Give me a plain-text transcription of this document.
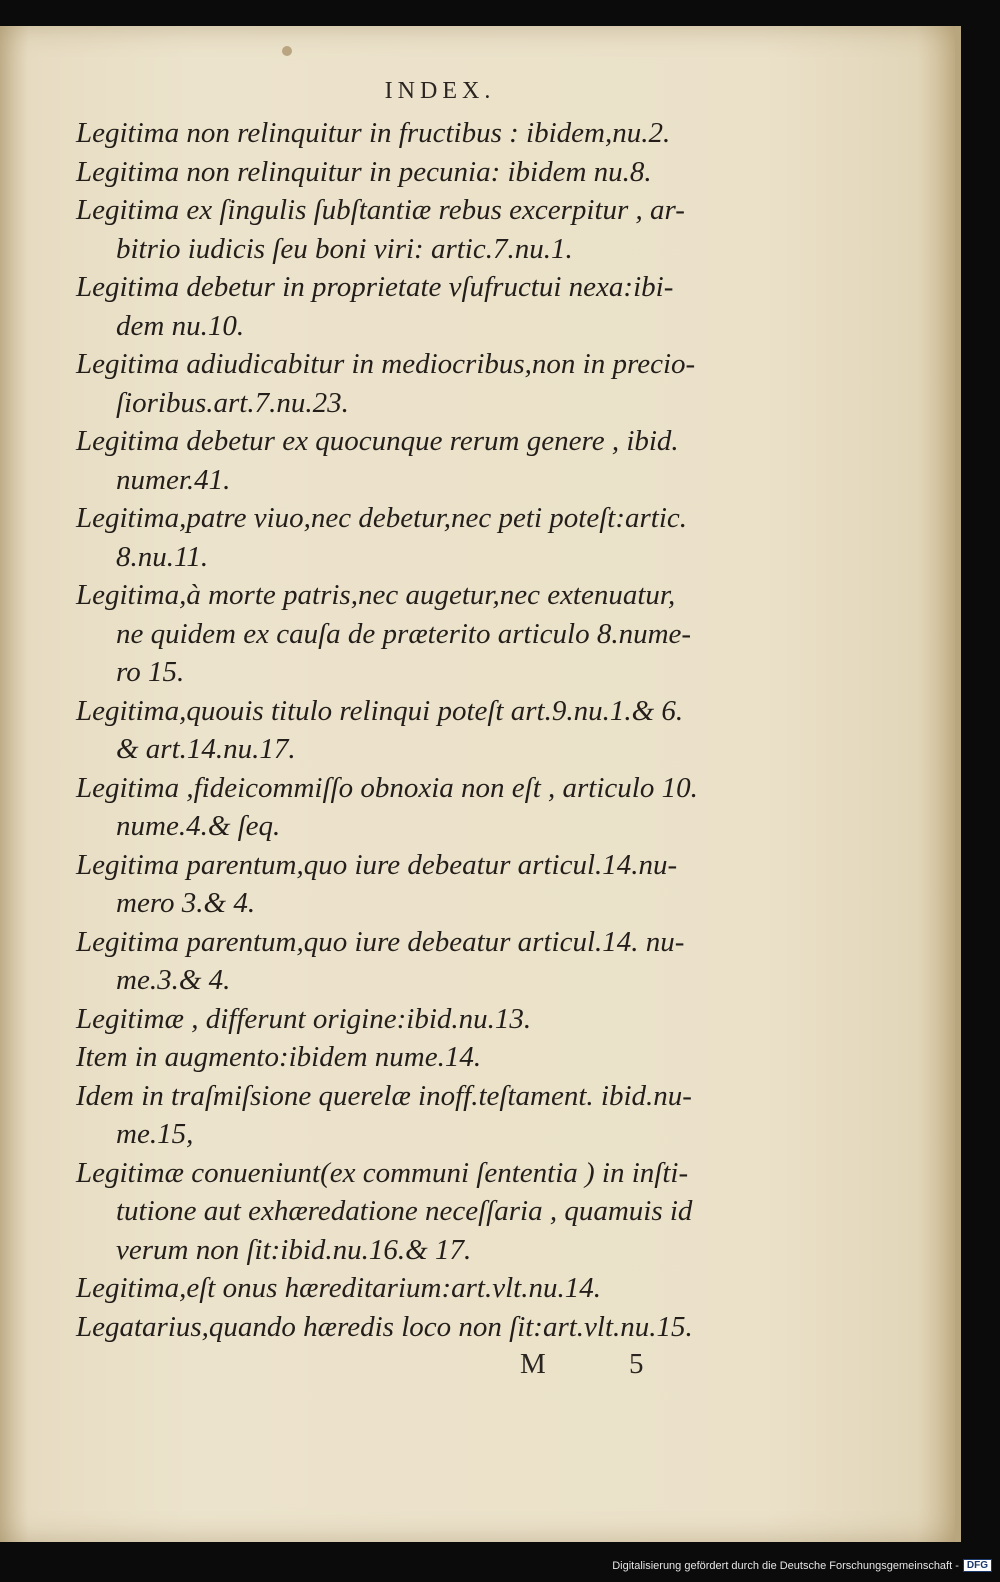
INDEX.
Legitima non relinquitur in fructibus : ibidem,nu.2.
Legitima non relinquitur in pecunia: ibidem nu.8.
Legitima ex ſingulis ſubſtantiæ rebus excerpitur , ar-
bitrio iudicis ſeu boni viri: artic.7.nu.1.
Legitima debetur in proprietate vſufructui nexa:ibi-
dem nu.10.
Legitima adiudicabitur in mediocribus,non in precio-
ſioribus.art.7.nu.23.
Legitima debetur ex quocunque rerum genere , ibid.
numer.41.
Legitima,patre viuo,nec debetur,nec peti poteſt:artic.
8.nu.11.
Legitima,à morte patris,nec augetur,nec extenuatur,
ne quidem ex cauſa de præterito articulo 8.nume-
ro 15.
Legitima,quouis titulo relinqui poteſt art.9.nu.1.& 6.
& art.14.nu.17.
Legitima ,fideicommiſſo obnoxia non eſt , articulo 10.
nume.4.& ſeq.
Legitima parentum,quo iure debeatur articul.14.nu-
mero 3.& 4.
Legitima parentum,quo iure debeatur articul.14. nu-
me.3.& 4.
Legitimæ , differunt origine:ibid.nu.13.
Item in augmento:ibidem nume.14.
Idem in traſmiſsione querelæ inoff.teſtament. ibid.nu-
me.15,
Legitimæ conueniunt(ex communi ſententia ) in inſti-
tutione aut exhæredatione neceſſaria , quamuis id
verum non ſit:ibid.nu.16.& 17.
Legitima,eſt onus hæreditarium:art.vlt.nu.14.
Legatarius,quando hæredis loco non ſit:art.vlt.nu.15.
M 5
Digitalisierung gefördert durch die Deutsche Forschungsgemeinschaft - DFG
